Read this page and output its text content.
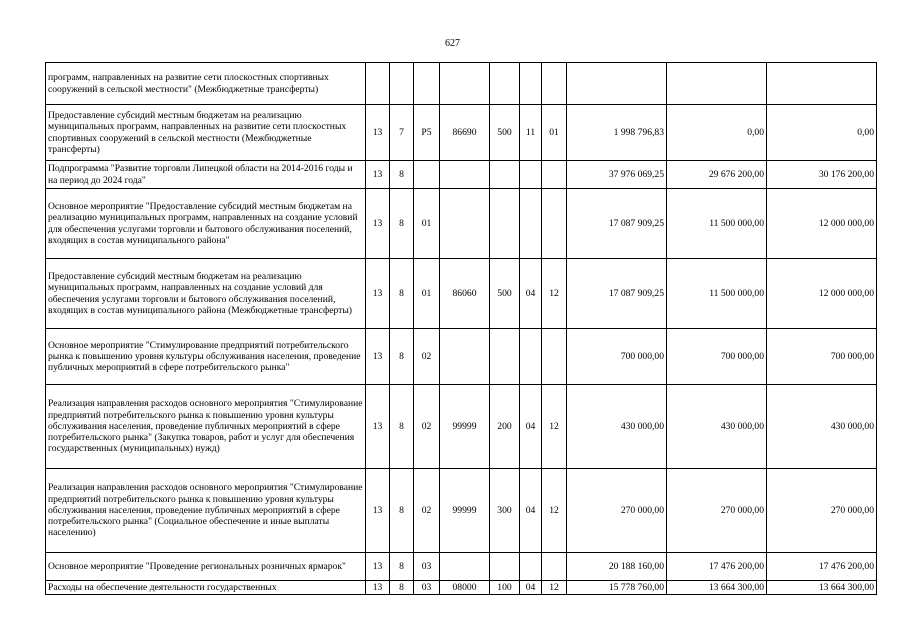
627
программ, направленных на развитие сети плоскостных спортивных сооружений в сельской местности" (Межбюджетные трансферты)										
Предоставление субсидий местным бюджетам на реализацию муниципальных программ, направленных на развитие сети плоскостных спортивных сооружений в сельской местности (Межбюджетные трансферты)	13	7	P5	86690	500	11	01	1 998 796,83	0,00	0,00
Подпрограмма "Развитие торговли Липецкой области на 2014-2016 годы и на период до 2024 года"	13	8						37 976 069,25	29 676 200,00	30 176 200,00
Основное мероприятие "Предоставление субсидий местным бюджетам на реализацию муниципальных программ, направленных на создание условий для обеспечения услугами торговли и бытового обслуживания поселений, входящих в состав муниципального района"	13	8	01					17 087 909,25	11 500 000,00	12 000 000,00
Предоставление субсидий местным бюджетам на реализацию муниципальных программ, направленных на создание условий для обеспечения услугами торговли и бытового обслуживания поселений, входящих в состав муниципального района (Межбюджетные трансферты)	13	8	01	86060	500	04	12	17 087 909,25	11 500 000,00	12 000 000,00
Основное мероприятие "Стимулирование предприятий потребительского рынка к повышению уровня культуры обслуживания населения, проведение публичных мероприятий в сфере потребительского рынка"	13	8	02					700 000,00	700 000,00	700 000,00
Реализация направления расходов основного мероприятия "Стимулирование предприятий потребительского рынка к повышению уровня культуры обслуживания населения, проведение публичных мероприятий в сфере потребительского рынка" (Закупка товаров, работ и услуг для обеспечения государственных (муниципальных) нужд)	13	8	02	99999	200	04	12	430 000,00	430 000,00	430 000,00
Реализация направления расходов основного мероприятия "Стимулирование предприятий потребительского рынка к повышению уровня культуры обслуживания населения, проведение публичных мероприятий в сфере потребительского рынка" (Социальное обеспечение и иные выплаты населению)	13	8	02	99999	300	04	12	270 000,00	270 000,00	270 000,00
Основное мероприятие "Проведение региональных розничных ярмарок"	13	8	03					20 188 160,00	17 476 200,00	17 476 200,00
Расходы на обеспечение деятельности государственных	13	8	03	08000	100	04	12	15 778 760,00	13 664 300,00	13 664 300,00
